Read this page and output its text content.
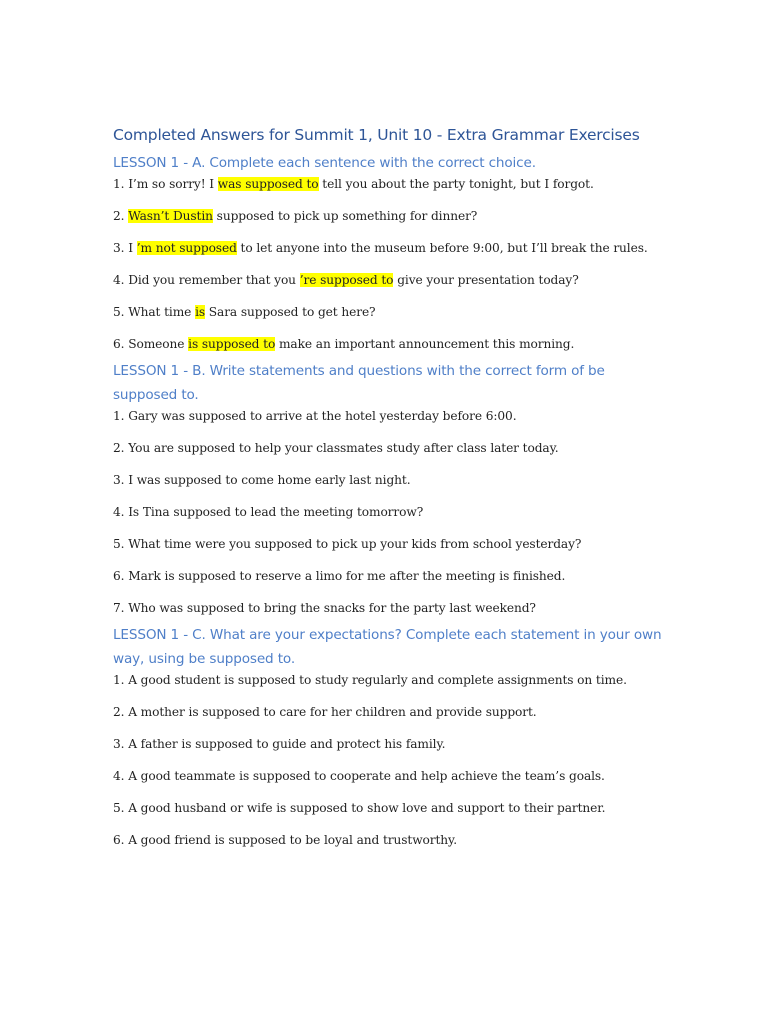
Completed Answers for Summit 1, Unit 10 - Extra Grammar Exercises
LESSON 1 - A. Complete each sentence with the correct choice.

1. I’m so sorry! I was supposed to tell you about the party tonight, but I forgot.

2. Wasn’t Dustin supposed to pick up something for dinner?

3. I ’m not supposed to let anyone into the museum before 9:00, but I’ll break the rules.

4. Did you remember that you ’re supposed to give your presentation today?

5. What time is Sara supposed to get here?

6. Someone is supposed to make an important announcement this morning.

LESSON 1 - B. Write statements and questions with the correct form of be supposed to.

1. Gary was supposed to arrive at the hotel yesterday before 6:00.

2. You are supposed to help your classmates study after class later today.

3. I was supposed to come home early last night.

4. Is Tina supposed to lead the meeting tomorrow?

5. What time were you supposed to pick up your kids from school yesterday?

6. Mark is supposed to reserve a limo for me after the meeting is finished.

7. Who was supposed to bring the snacks for the party last weekend?

LESSON 1 - C. What are your expectations? Complete each statement in your own way, using be supposed to.

1. A good student is supposed to study regularly and complete assignments on time.

2. A mother is supposed to care for her children and provide support.

3. A father is supposed to guide and protect his family.

4. A good teammate is supposed to cooperate and help achieve the team’s goals.

5. A good husband or wife is supposed to show love and support to their partner.

6. A good friend is supposed to be loyal and trustworthy.
